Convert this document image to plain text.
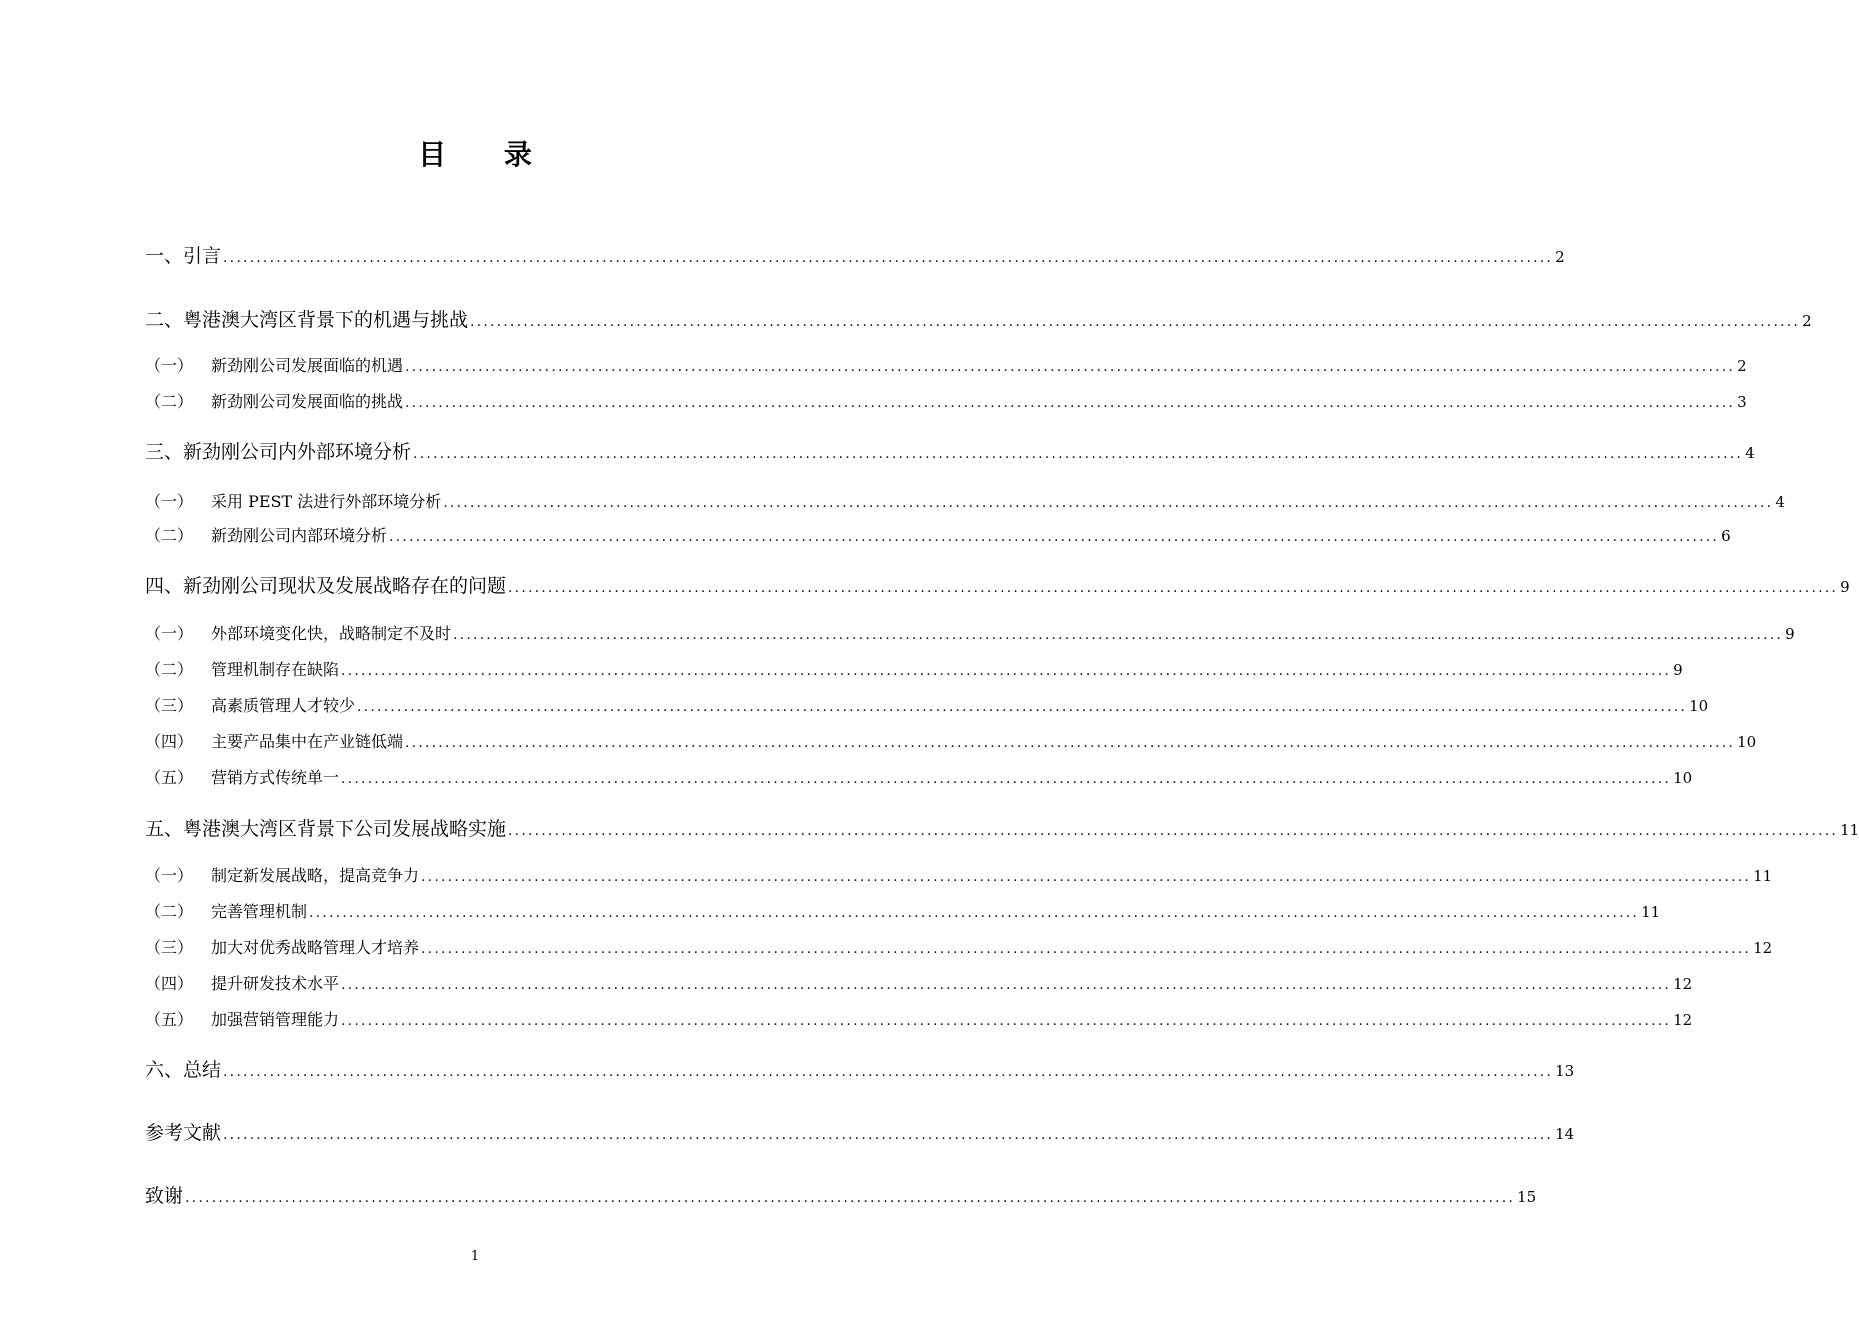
目 录
一、引言 ........................................................................................................................................................................................................ 2
二、粤港澳大湾区背景下的机遇与挑战 ........................................................................................................................................................................................................ 2
（一）	新劲刚公司发展面临的机遇 ........................................................................................................................................................................................................ 2
（二）	新劲刚公司发展面临的挑战 ........................................................................................................................................................................................................ 3
三、新劲刚公司内外部环境分析 ........................................................................................................................................................................................................ 4
（一）	采用 PEST 法进行外部环境分析 ........................................................................................................................................................................................................ 4
（二）	新劲刚公司内部环境分析 ........................................................................................................................................................................................................ 6
四、新劲刚公司现状及发展战略存在的问题 ........................................................................................................................................................................................................ 9
（一）	外部环境变化快，战略制定不及时 ........................................................................................................................................................................................................ 9
（二）	管理机制存在缺陷 ........................................................................................................................................................................................................ 9
（三）	高素质管理人才较少 ........................................................................................................................................................................................................ 10
（四）	主要产品集中在产业链低端 ........................................................................................................................................................................................................ 10
（五）	营销方式传统单一 ........................................................................................................................................................................................................ 10
五、粤港澳大湾区背景下公司发展战略实施 ........................................................................................................................................................................................................ 11
（一）	制定新发展战略，提高竞争力 ........................................................................................................................................................................................................ 11
（二）	完善管理机制 ........................................................................................................................................................................................................ 11
（三）	加大对优秀战略管理人才培养 ........................................................................................................................................................................................................ 12
（四）	提升研发技术水平 ........................................................................................................................................................................................................ 12
（五）	加强营销管理能力 ........................................................................................................................................................................................................ 12
六、总结 ........................................................................................................................................................................................................ 13
参考文献 ........................................................................................................................................................................................................ 14
致谢 ........................................................................................................................................................................................................ 15
1
